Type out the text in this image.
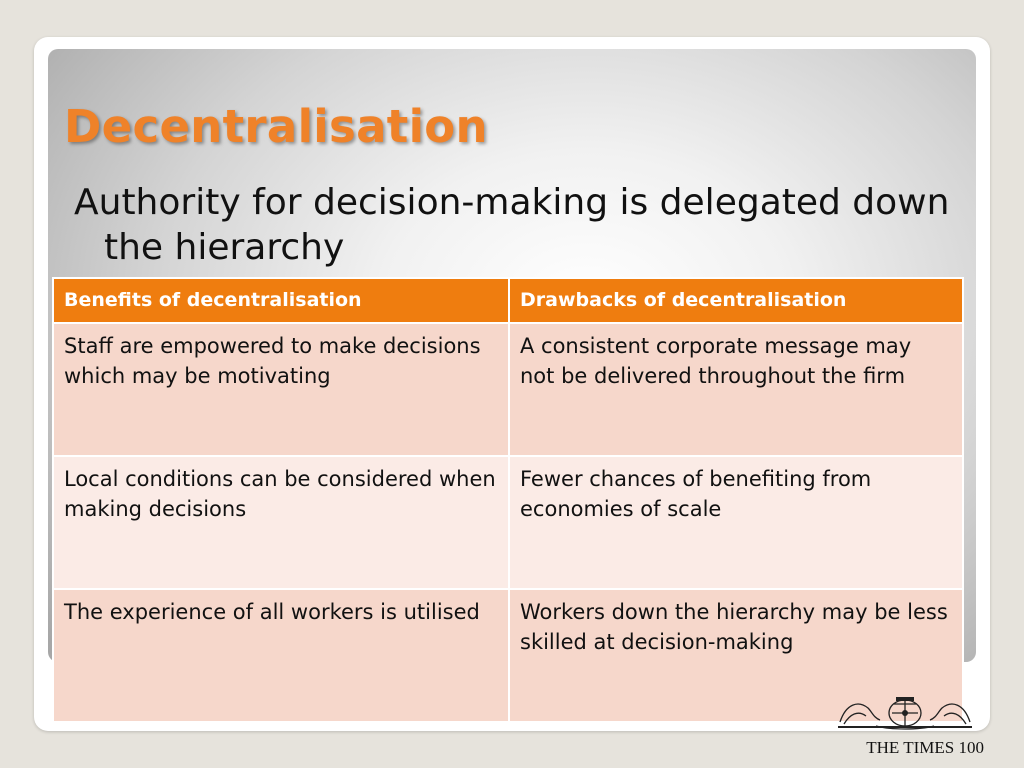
Decentralisation

Authority for decision-making is delegated down the hierarchy

Benefits of decentralisation	Drawbacks of decentralisation
Staff are empowered to make decisions which may be motivating	A consistent corporate message may not be delivered throughout the firm
Local conditions can be considered when making decisions	Fewer chances of benefiting from economies of scale
The experience of all workers is utilised	Workers down the hierarchy may be less skilled at decision-making

THE TIMES 100
